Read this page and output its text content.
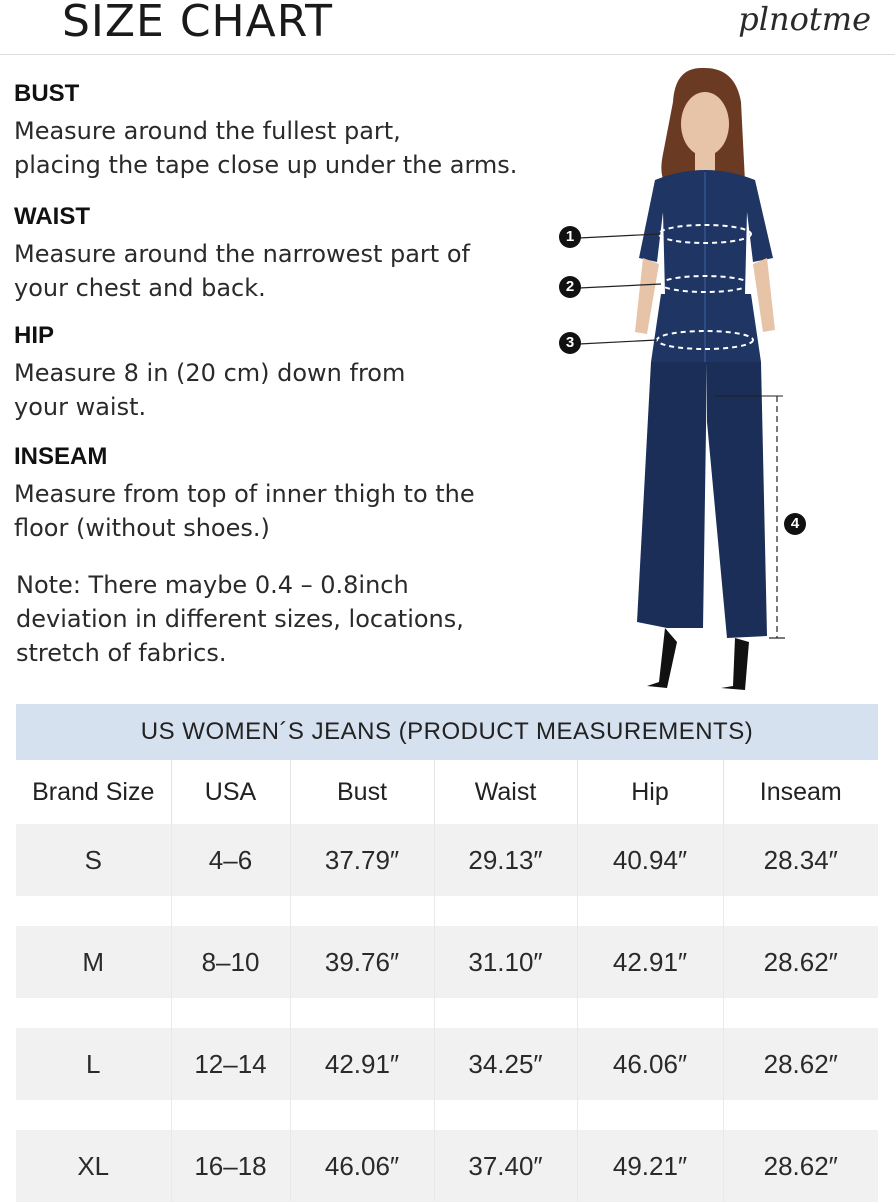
SIZE CHART	plnotme

BUST

Measure around the fullest part,
placing the tape close up under the arms.

WAIST

Measure around the narrowest part of
your chest and back.

HIP

Measure 8 in (20 cm) down from
your waist.

INSEAM

Measure from top of inner thigh to the
floor (without shoes.)

Note: There maybe 0.4 – 0.8inch
deviation in different sizes, locations,
stretch of fabrics.
1
2
3
4
US WOMEN´S JEANS (PRODUCT MEASUREMENTS)
Brand Size	USA	Bust	Waist	Hip	Inseam
S	4–6	37.79″	29.13″	40.94″	28.34″

M	8–10	39.76″	31.10″	42.91″	28.62″

L	12–14	42.91″	34.25″	46.06″	28.62″

XL	16–18	46.06″	37.40″	49.21″	28.62″
